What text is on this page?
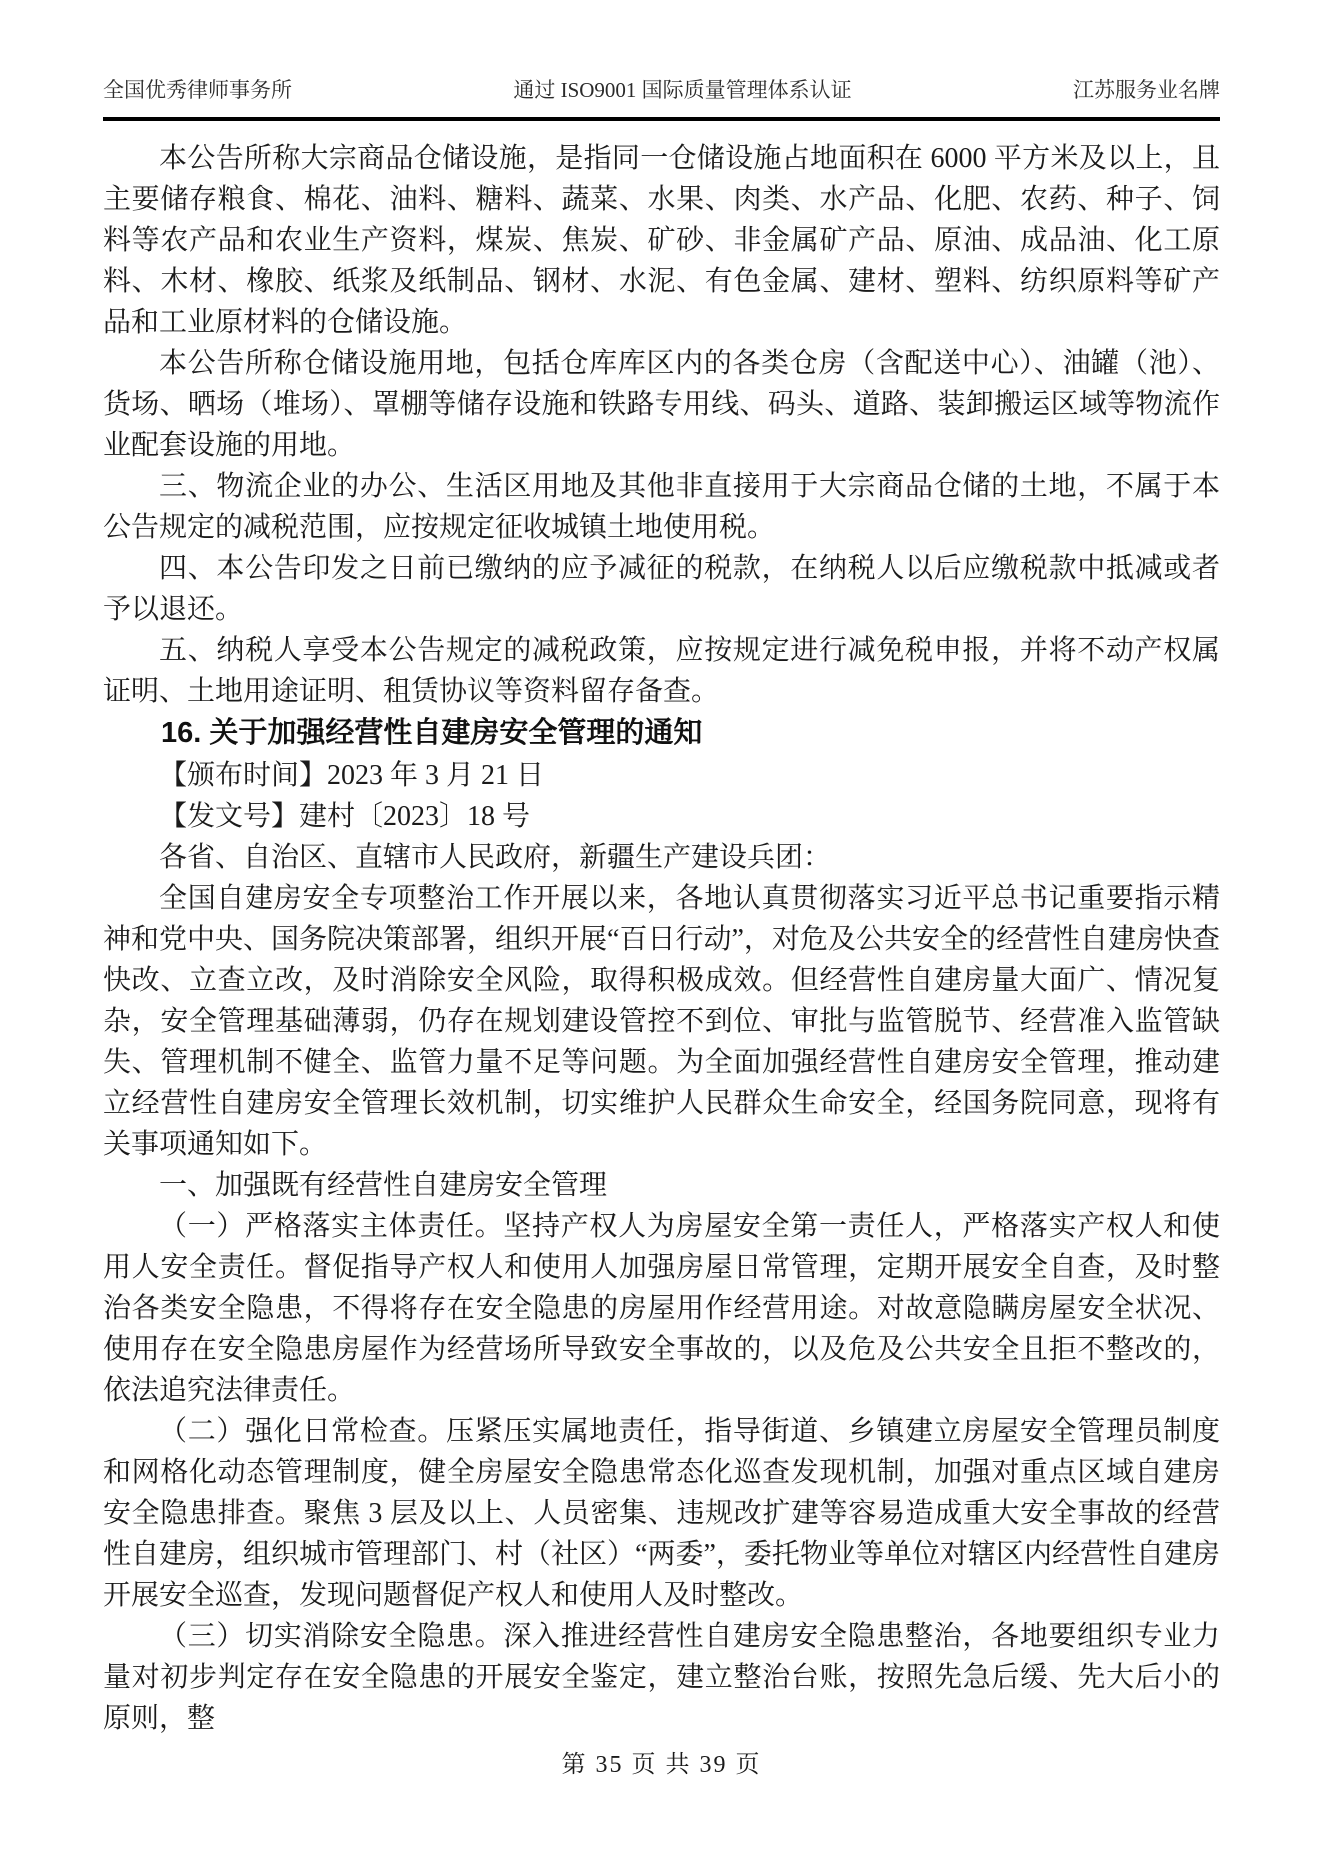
全国优秀律师事务所	通过 ISO9001 国际质量管理体系认证	江苏服务业名牌

本公告所称大宗商品仓储设施，是指同一仓储设施占地面积在 6000 平方米及以上，且主要储存粮食、棉花、油料、糖料、蔬菜、水果、肉类、水产品、化肥、农药、种子、饲料等农产品和农业生产资料，煤炭、焦炭、矿砂、非金属矿产品、原油、成品油、化工原料、木材、橡胶、纸浆及纸制品、钢材、水泥、有色金属、建材、塑料、纺织原料等矿产品和工业原材料的仓储设施。

本公告所称仓储设施用地，包括仓库库区内的各类仓房（含配送中心）、油罐（池）、货场、晒场（堆场）、罩棚等储存设施和铁路专用线、码头、道路、装卸搬运区域等物流作业配套设施的用地。

三、物流企业的办公、生活区用地及其他非直接用于大宗商品仓储的土地，不属于本公告规定的减税范围，应按规定征收城镇土地使用税。

四、本公告印发之日前已缴纳的应予减征的税款，在纳税人以后应缴税款中抵减或者予以退还。

五、纳税人享受本公告规定的减税政策，应按规定进行减免税申报，并将不动产权属证明、土地用途证明、租赁协议等资料留存备查。

16. 关于加强经营性自建房安全管理的通知

【颁布时间】2023 年 3 月 21 日

【发文号】建村〔2023〕18 号

各省、自治区、直辖市人民政府，新疆生产建设兵团：

全国自建房安全专项整治工作开展以来，各地认真贯彻落实习近平总书记重要指示精神和党中央、国务院决策部署，组织开展“百日行动”，对危及公共安全的经营性自建房快查快改、立查立改，及时消除安全风险，取得积极成效。但经营性自建房量大面广、情况复杂，安全管理基础薄弱，仍存在规划建设管控不到位、审批与监管脱节、经营准入监管缺失、管理机制不健全、监管力量不足等问题。为全面加强经营性自建房安全管理，推动建立经营性自建房安全管理长效机制，切实维护人民群众生命安全，经国务院同意，现将有关事项通知如下。

一、加强既有经营性自建房安全管理

（一）严格落实主体责任。坚持产权人为房屋安全第一责任人，严格落实产权人和使用人安全责任。督促指导产权人和使用人加强房屋日常管理，定期开展安全自查，及时整治各类安全隐患，不得将存在安全隐患的房屋用作经营用途。对故意隐瞒房屋安全状况、使用存在安全隐患房屋作为经营场所导致安全事故的，以及危及公共安全且拒不整改的，依法追究法律责任。

（二）强化日常检查。压紧压实属地责任，指导街道、乡镇建立房屋安全管理员制度和网格化动态管理制度，健全房屋安全隐患常态化巡查发现机制，加强对重点区域自建房安全隐患排查。聚焦 3 层及以上、人员密集、违规改扩建等容易造成重大安全事故的经营性自建房，组织城市管理部门、村（社区）“两委”，委托物业等单位对辖区内经营性自建房开展安全巡查，发现问题督促产权人和使用人及时整改。

（三）切实消除安全隐患。深入推进经营性自建房安全隐患整治，各地要组织专业力量对初步判定存在安全隐患的开展安全鉴定，建立整治台账，按照先急后缓、先大后小的原则，整

第 35 页 共 39 页
